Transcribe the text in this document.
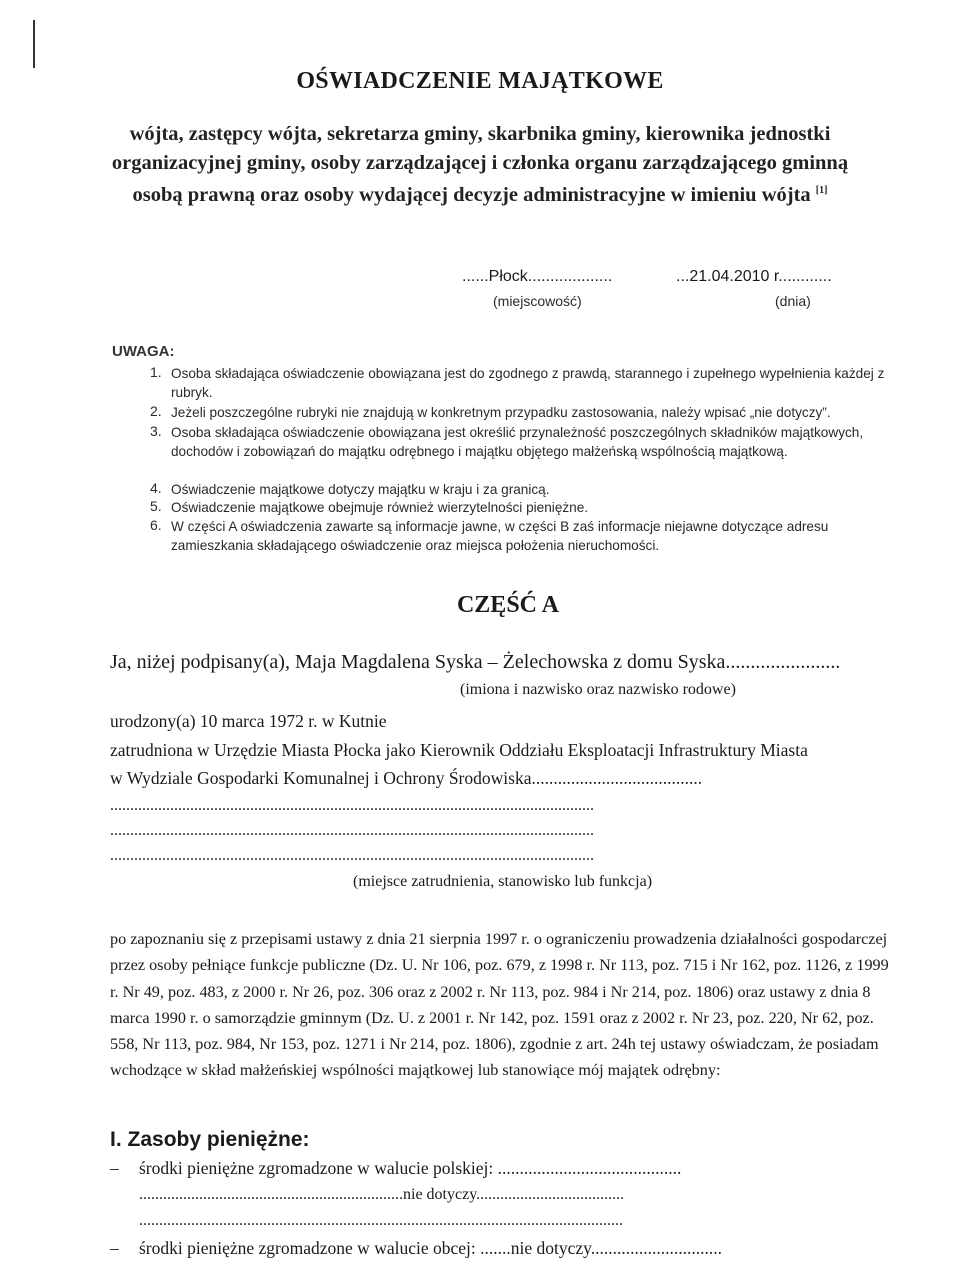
OŚWIADCZENIE MAJĄTKOWE
wójta, zastępcy wójta, sekretarza gminy, skarbnika gminy, kierownika jednostki organizacyjnej gminy, osoby zarządzającej i członka organu zarządzającego gminną osobą prawną oraz osoby wydającej decyzje administracyjne w imieniu wójta [1]
......Płock...................	...21.04.2010 r............
(miejscowość)	(dnia)
UWAGA:
1. Osoba składająca oświadczenie obowiązana jest do zgodnego z prawdą, starannego i zupełnego wypełnienia każdej z rubryk.
2. Jeżeli poszczególne rubryki nie znajdują w konkretnym przypadku zastosowania, należy wpisać „nie dotyczy”.
3. Osoba składająca oświadczenie obowiązana jest określić przynależność poszczególnych składników majątkowych, dochodów i zobowiązań do majątku odrębnego i majątku objętego małżeńską wspólnością majątkową.
4. Oświadczenie majątkowe dotyczy majątku w kraju i za granicą.
5. Oświadczenie majątkowe obejmuje również wierzytelności pieniężne.
6. W części A oświadczenia zawarte są informacje jawne, w części B zaś informacje niejawne dotyczące adresu zamieszkania składającego oświadczenie oraz miejsca położenia nieruchomości.
CZĘŚĆ A
Ja, niżej podpisany(a), Maja Magdalena Syska – Żelechowska z domu Syska.......................
(imiona i nazwisko oraz nazwisko rodowe)
urodzony(a) 10 marca 1972 r. w Kutnie
zatrudniona w Urzędzie Miasta Płocka jako Kierownik Oddziału Eksploatacji Infrastruktury Miasta
w Wydziale Gospodarki Komunalnej i Ochrony Środowiska.......................................
.........................................................................................................................
.........................................................................................................................
.........................................................................................................................
(miejsce zatrudnienia, stanowisko lub funkcja)
po zapoznaniu się z przepisami ustawy z dnia 21 sierpnia 1997 r. o ograniczeniu prowadzenia działalności gospodarczej przez osoby pełniące funkcje publiczne (Dz. U. Nr 106, poz. 679, z 1998 r. Nr 113, poz. 715 i Nr 162, poz. 1126, z 1999 r. Nr 49, poz. 483, z 2000 r. Nr 26, poz. 306 oraz z 2002 r. Nr 113, poz. 984 i Nr 214, poz. 1806) oraz ustawy z dnia 8 marca 1990 r. o samorządzie gminnym (Dz. U. z 2001 r. Nr 142, poz. 1591 oraz z 2002 r. Nr 23, poz. 220, Nr 62, poz. 558, Nr 113, poz. 984, Nr 153, poz. 1271 i Nr 214, poz. 1806), zgodnie z art. 24h tej ustawy oświadczam, że posiadam wchodzące w skład małżeńskiej wspólności majątkowej lub stanowiące mój majątek odrębny:
I. Zasoby pieniężne:
– środki pieniężne zgromadzone w walucie polskiej: ..........................................
..................................................................nie dotyczy.....................................
.........................................................................................................................
– środki pieniężne zgromadzone w walucie obcej: .......nie dotyczy..............................
